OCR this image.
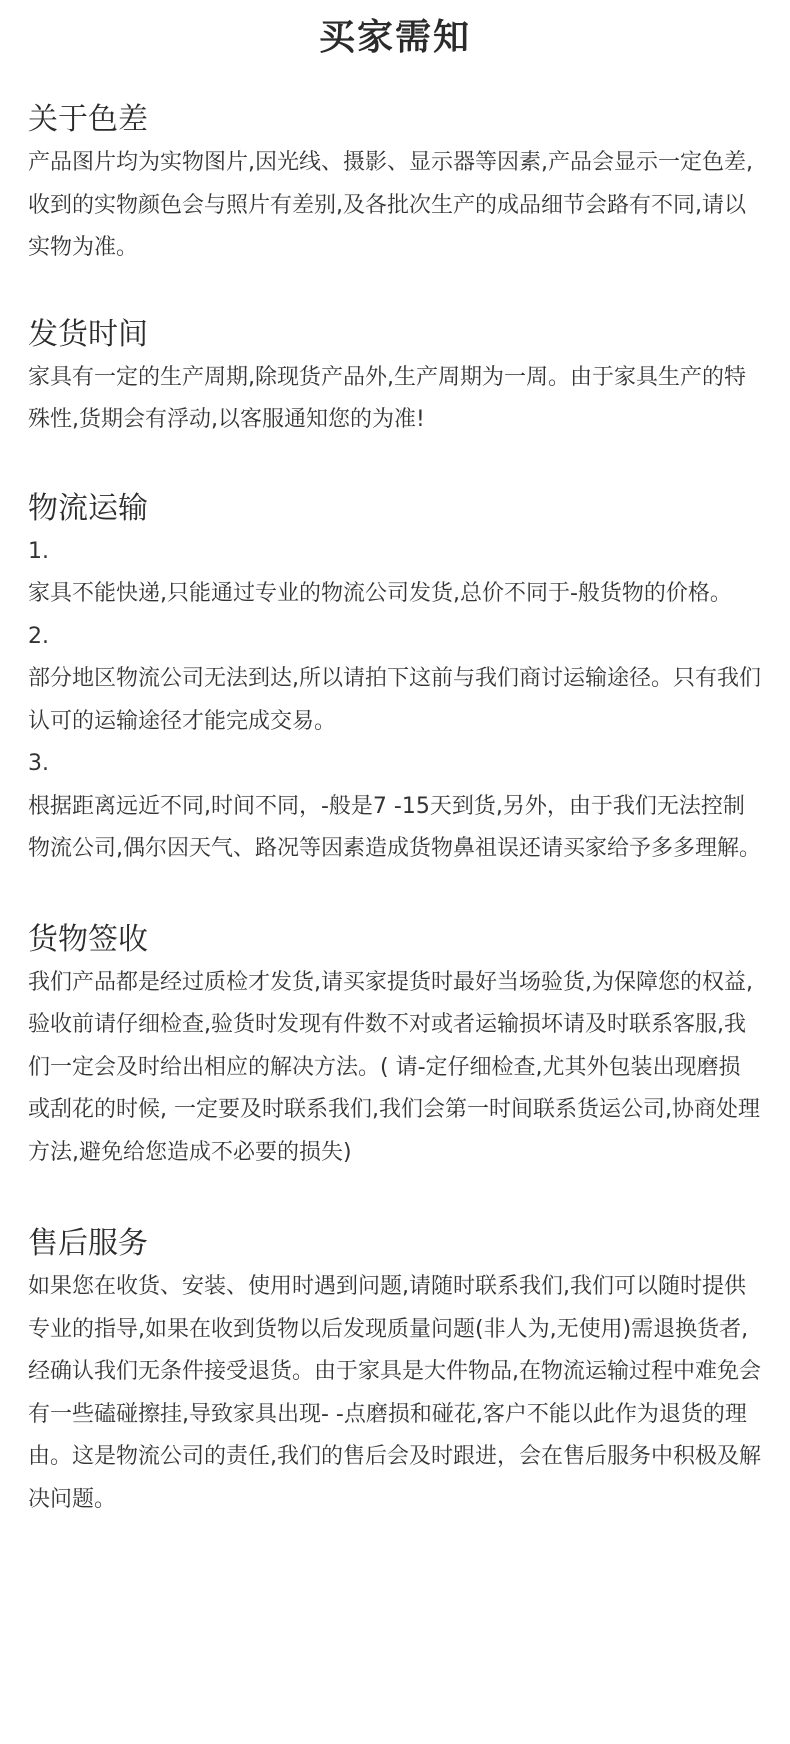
买家需知
关于色差

产品图片均为实物图片,因光线、摄影、显示器等因素,产品会显示一定色差,收到的实物颜色会与照片有差别,及各批次生产的成品细节会路有不同,请以实物为准。

发货时间

家具有一定的生产周期,除现货产品外,生产周期为一周。由于家具生产的特殊性,货期会有浮动,以客服通知您的为准!

物流运输

1.

家具不能快递,只能通过专业的物流公司发货,总价不同于-般货物的价格。

2.

部分地区物流公司无法到达,所以请拍下这前与我们商讨运输途径。只有我们认可的运输途径才能完成交易。

3.

根据距离远近不同,时间不同，-般是7 -15天到货,另外，由于我们无法控制物流公司,偶尔因天气、路况等因素造成货物鼻祖误还请买家给予多多理解。

货物签收

我们产品都是经过质检才发货,请买家提货时最好当场验货,为保障您的权益,验收前请仔细检查,验货时发现有件数不对或者运输损坏请及时联系客服,我们一定会及时给出相应的解决方法。( 请-定仔细检查,尤其外包装出现磨损或刮花的时候, 一定要及时联系我们,我们会第一时间联系货运公司,协商处理方法,避免给您造成不必要的损失)

售后服务

如果您在收货、安装、使用时遇到问题,请随时联系我们,我们可以随时提供专业的指导,如果在收到货物以后发现质量问题(非人为,无使用)需退换货者,经确认我们无条件接受退货。由于家具是大件物品,在物流运输过程中难免会有一些磕碰擦挂,导致家具出现- -点磨损和碰花,客户不能以此作为退货的理由。这是物流公司的责任,我们的售后会及时跟进，会在售后服务中积极及解决问题。
